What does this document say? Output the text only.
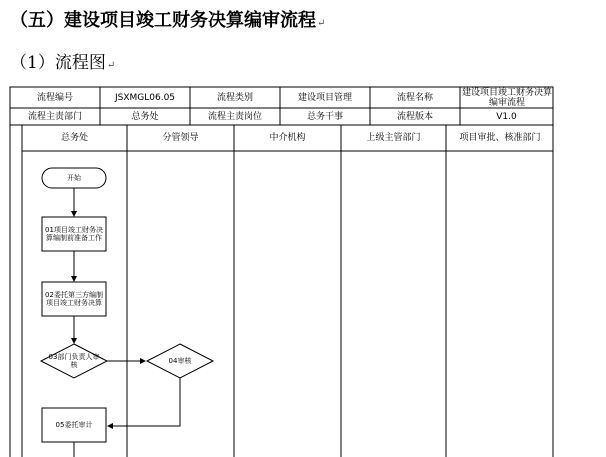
（五）建设项目竣工财务决算编审流程↵
（1）流程图↵
流程编号	JSXMGL06.05	流程类别	建设项目管理	流程名称	建设项目竣工财务决算编审流程
流程主责部门	总务处	流程主责岗位	总务干事	流程版本	V1.0
总务处	分管领导	中介机构	上级主管部门	项目审批、核准部门
开始
01项目竣工财务决算编制前准备工作
02委托第三方编制项目竣工财务决算
03部门负责人审核	04审核
05委托审计
